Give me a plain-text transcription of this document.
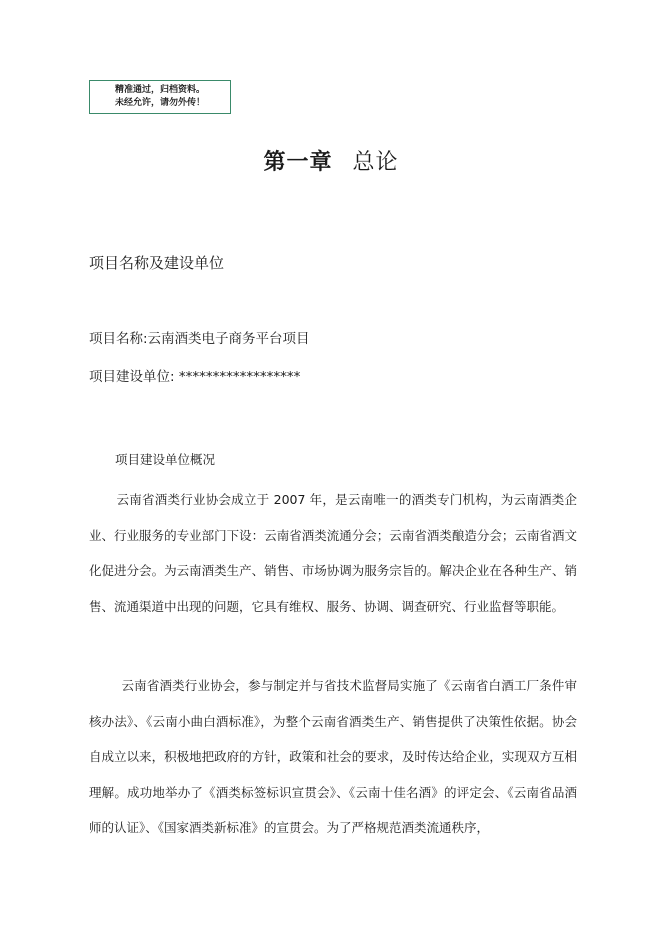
精准通过，归档资料。
未经允许，请勿外传！
第一章 总论
项目名称及建设单位
项目名称:云南酒类电子商务平台项目
项目建设单位: ******************
项目建设单位概况

云南省酒类行业协会成立于 2007 年，是云南唯一的酒类专门机构，为云南酒类企业、行业服务的专业部门下设：云南省酒类流通分会；云南省酒类酿造分会；云南省酒文化促进分会。为云南酒类生产、销售、市场协调为服务宗旨的。解决企业在各种生产、销售、流通渠道中出现的问题，它具有维权、服务、协调、调查研究、行业监督等职能。

云南省酒类行业协会，参与制定并与省技术监督局实施了《云南省白酒工厂条件审核办法》、《云南小曲白酒标准》，为整个云南省酒类生产、销售提供了决策性依据。协会自成立以来，积极地把政府的方针，政策和社会的要求，及时传达给企业，实现双方互相理解。成功地举办了《酒类标签标识宣贯会》、《云南十佳名酒》的评定会、《云南省品酒师的认证》、《国家酒类新标准》的宣贯会。为了严格规范酒类流通秩序，
